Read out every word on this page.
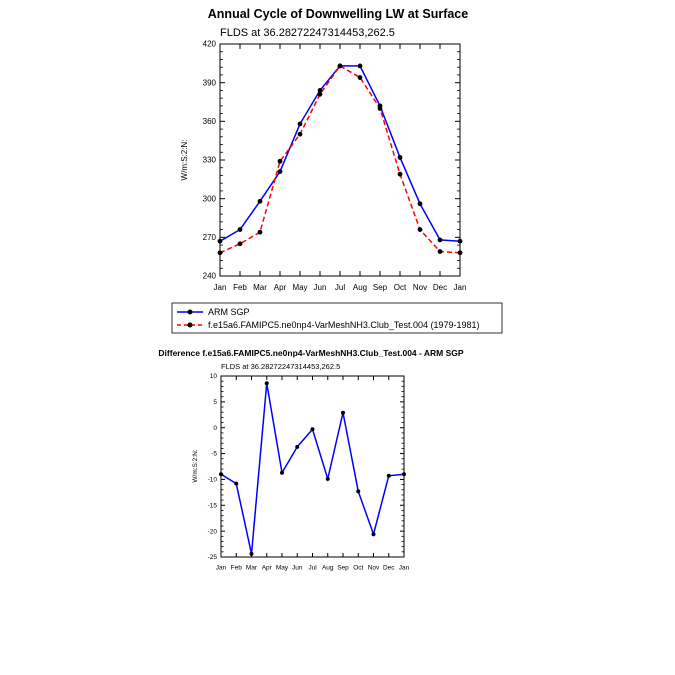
Annual Cycle of Downwelling LW at Surface
FLDS at 36.28272247314453,262.5
W/m:S:2:N:
240
270
300
330
360
390
420
Jan Feb Mar Apr May Jun Jul Aug Sep Oct Nov Dec Jan
ARM SGP
f.e15a6.FAMIPC5.ne0np4-VarMeshNH3.Club_Test.004 (1979-1981)
Difference f.e15a6.FAMIPC5.ne0np4-VarMeshNH3.Club_Test.004 - ARM SGP
FLDS at 36.28272247314453,262.5
W/m:S:2:N:
-25
-20
-15
-10
-5
0
5
10
Jan Feb Mar Apr May Jun Jul Aug Sep Oct Nov Dec Jan
